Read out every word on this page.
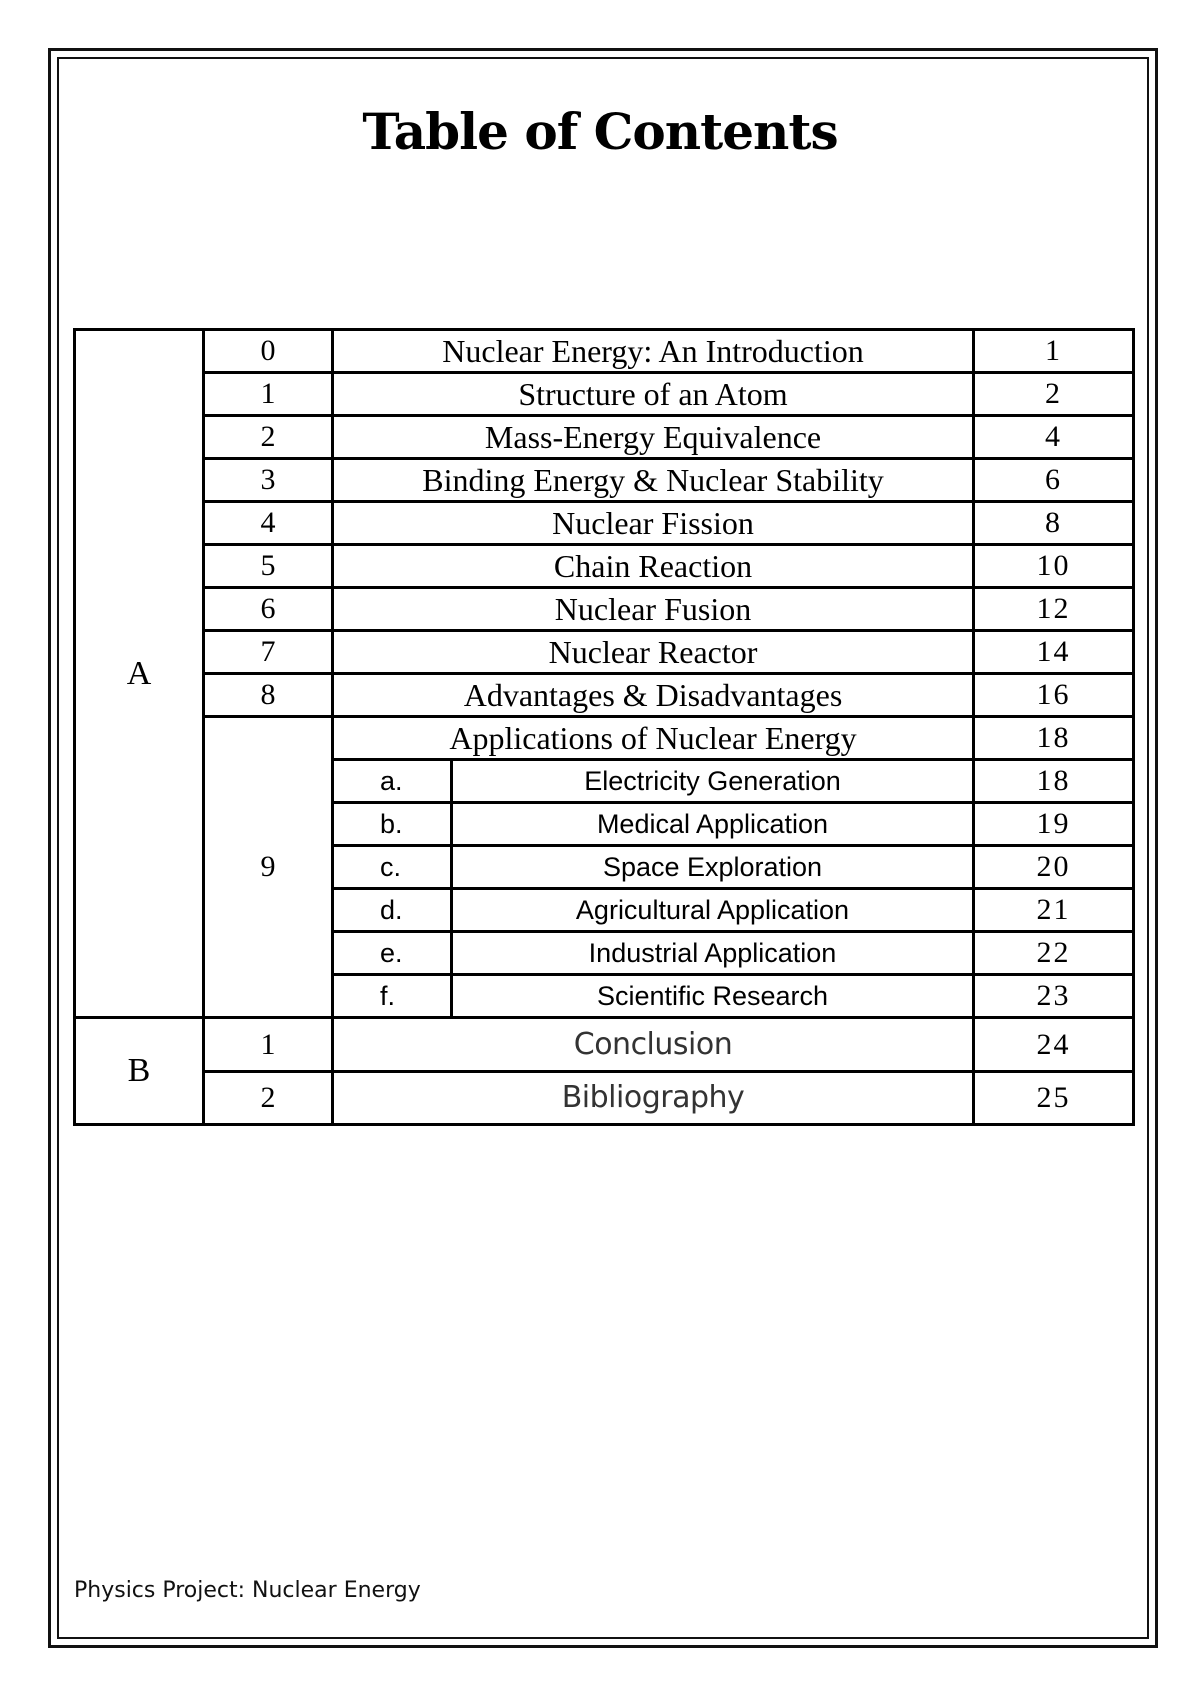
Table of Contents
A	0	Nuclear Energy: An Introduction		1
	1	Structure of an Atom		2
	2	Mass-Energy Equivalence		4
	3	Binding Energy & Nuclear Stability		6
	4	Nuclear Fission		8
	5	Chain Reaction		10
	6	Nuclear Fusion		12
	7	Nuclear Reactor		14
	8	Advantages & Disadvantages		16
	9	Applications of Nuclear Energy		18
		a.	Electricity Generation	18
		b.	Medical Application	19
		c.	Space Exploration	20
		d.	Agricultural Application	21
		e.	Industrial Application	22
		f.	Scientific Research	23
B	1	Conclusion		24
	2	Bibliography		25
Physics Project: Nuclear Energy
